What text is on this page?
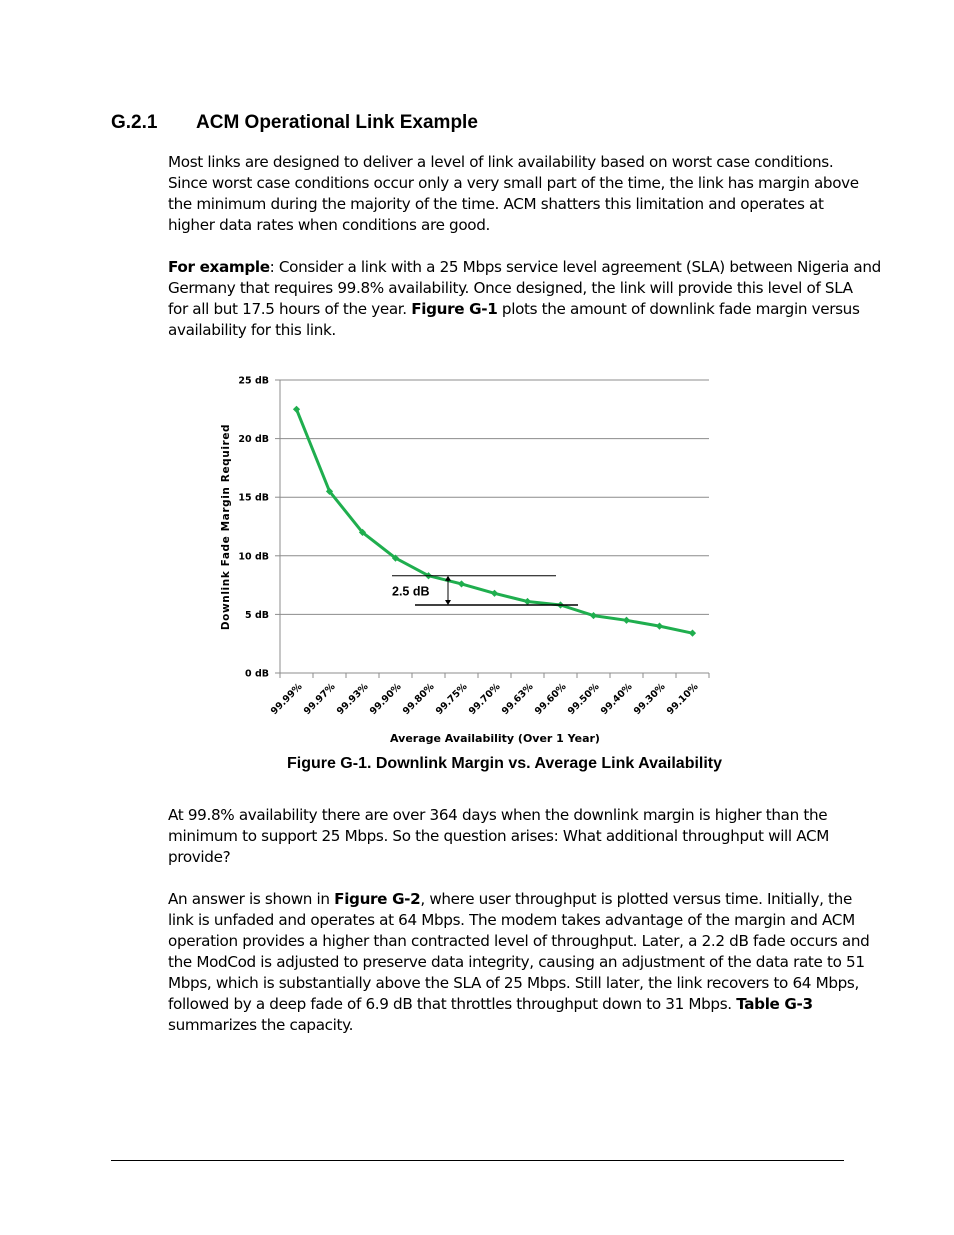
G.2.1 ACM Operational Link Example

Most links are designed to deliver a level of link availability based on worst case conditions.

Since worst case conditions occur only a very small part of the time, the link has margin above

the minimum during the majority of the time. ACM shatters this limitation and operates at

higher data rates when conditions are good.

For example: Consider a link with a 25 Mbps service level agreement (SLA) between Nigeria and

Germany that requires 99.8% availability. Once designed, the link will provide this level of SLA

for all but 17.5 hours of the year. Figure G-1 plots the amount of downlink fade margin versus

availability for this link.

0 dB
5 dB
10 dB
15 dB
20 dB
25 dB
99.99%
99.97%
99.93%
99.90%
99.80%
99.75%
99.70%
99.63%
99.60%
99.50%
99.40%
99.30%
99.10%
2.5 dB
Downlink Fade Margin Required
Average Availability (Over 1 Year)
Figure G-1. Downlink Margin vs. Average Link Availability

At 99.8% availability there are over 364 days when the downlink margin is higher than the

minimum to support 25 Mbps. So the question arises: What additional throughput will ACM

provide?

An answer is shown in Figure G-2, where user throughput is plotted versus time. Initially, the

link is unfaded and operates at 64 Mbps. The modem takes advantage of the margin and ACM

operation provides a higher than contracted level of throughput. Later, a 2.2 dB fade occurs and

the ModCod is adjusted to preserve data integrity, causing an adjustment of the data rate to 51

Mbps, which is substantially above the SLA of 25 Mbps. Still later, the link recovers to 64 Mbps,

followed by a deep fade of 6.9 dB that throttles throughput down to 31 Mbps. Table G-3

summarizes the capacity.
